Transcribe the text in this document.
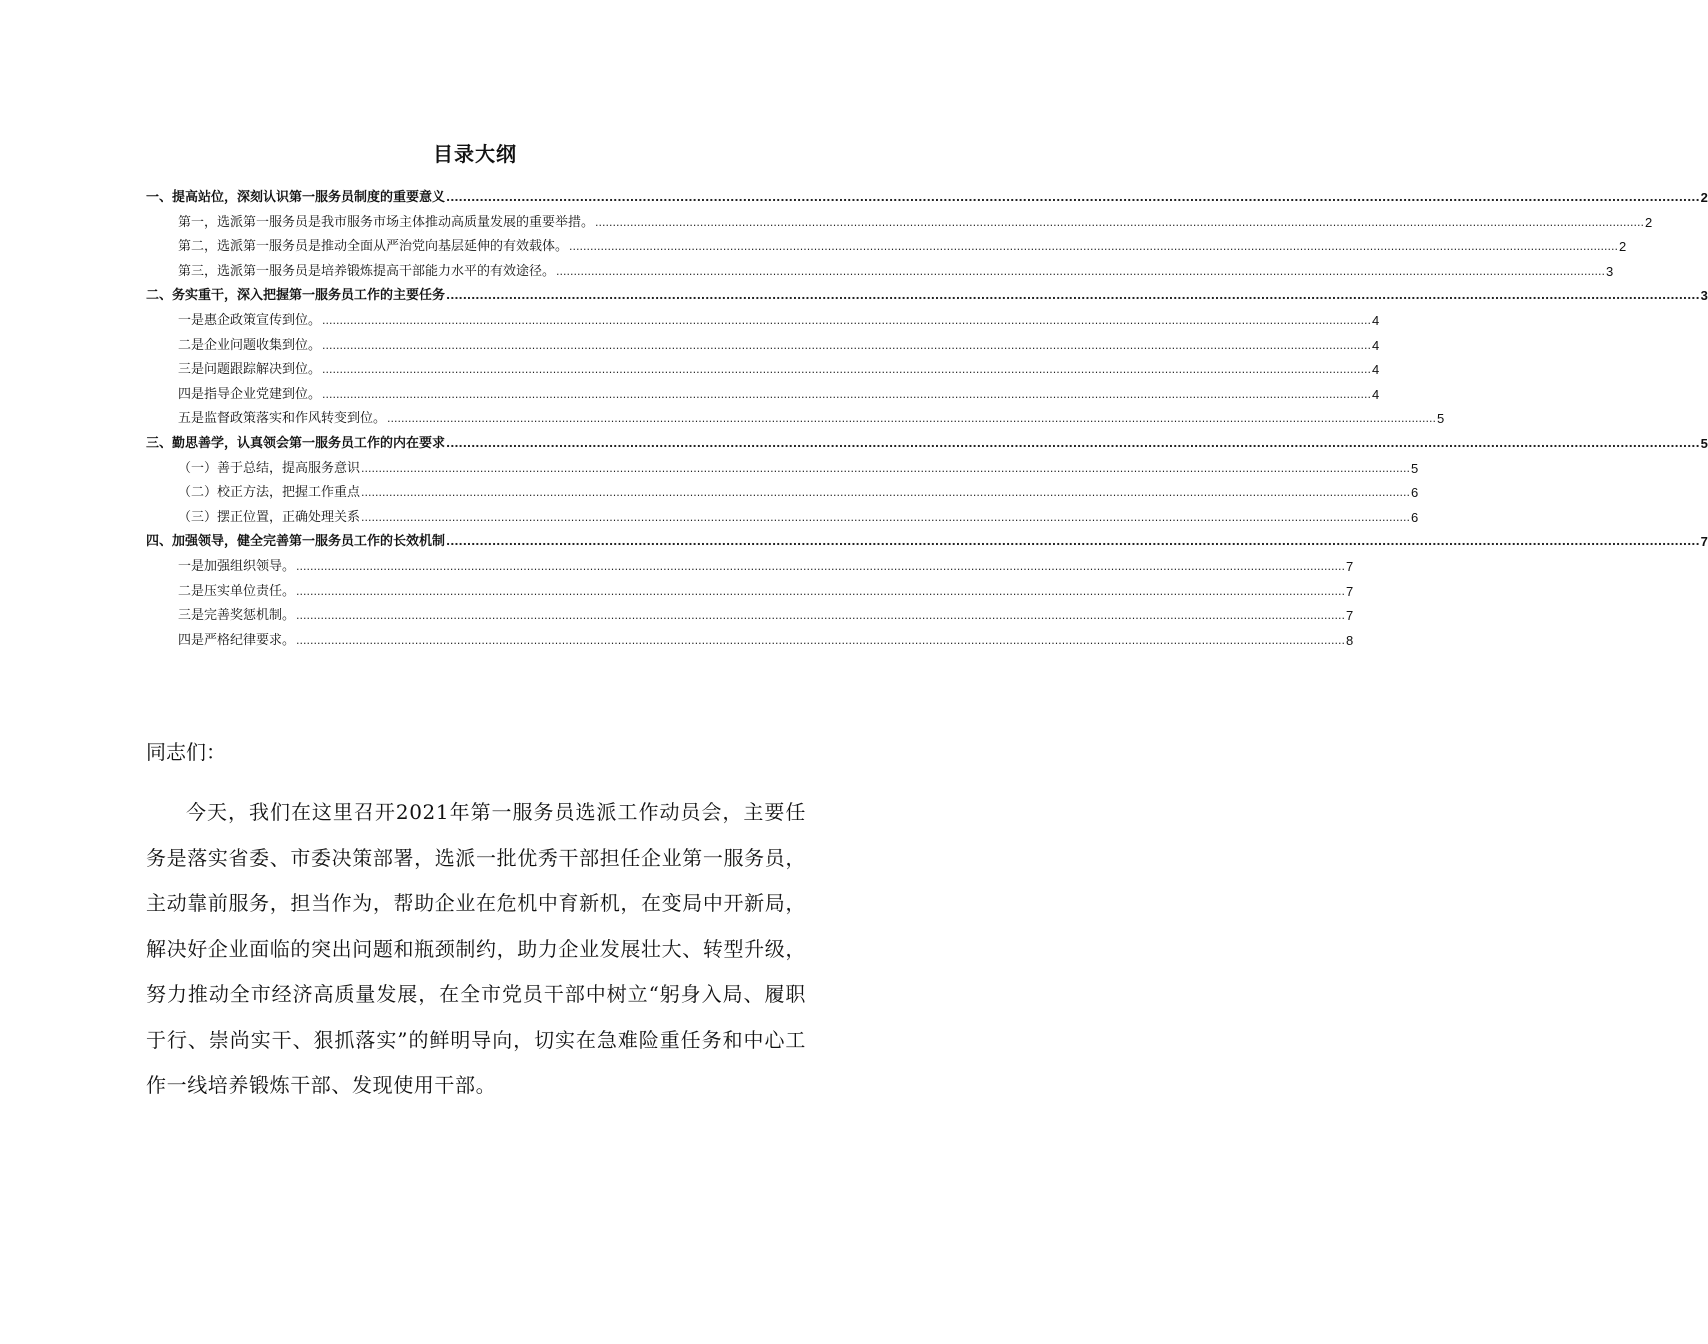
目录大纲
一、提高站位，深刻认识第一服务员制度的重要意义 ............................................................................................................................................................................................................................................................................................................ 2
第一，选派第一服务员是我市服务市场主体推动高质量发展的重要举措。 ............................................................................................................................................................................................................................................................................................................ 2
第二，选派第一服务员是推动全面从严治党向基层延伸的有效载体。 ............................................................................................................................................................................................................................................................................................................ 2
第三，选派第一服务员是培养锻炼提高干部能力水平的有效途径。 ............................................................................................................................................................................................................................................................................................................ 3
二、务实重干，深入把握第一服务员工作的主要任务 ............................................................................................................................................................................................................................................................................................................ 3
一是惠企政策宣传到位。 ............................................................................................................................................................................................................................................................................................................ 4
二是企业问题收集到位。 ............................................................................................................................................................................................................................................................................................................ 4
三是问题跟踪解决到位。 ............................................................................................................................................................................................................................................................................................................ 4
四是指导企业党建到位。 ............................................................................................................................................................................................................................................................................................................ 4
五是监督政策落实和作风转变到位。 ............................................................................................................................................................................................................................................................................................................ 5
三、勤思善学，认真领会第一服务员工作的内在要求 ............................................................................................................................................................................................................................................................................................................ 5
（一）善于总结，提高服务意识 ............................................................................................................................................................................................................................................................................................................ 5
（二）校正方法，把握工作重点 ............................................................................................................................................................................................................................................................................................................ 6
（三）摆正位置，正确处理关系 ............................................................................................................................................................................................................................................................................................................ 6
四、加强领导，健全完善第一服务员工作的长效机制 ............................................................................................................................................................................................................................................................................................................ 7
一是加强组织领导。 ............................................................................................................................................................................................................................................................................................................ 7
二是压实单位责任。 ............................................................................................................................................................................................................................................................................................................ 7
三是完善奖惩机制。 ............................................................................................................................................................................................................................................................................................................ 7
四是严格纪律要求。 ............................................................................................................................................................................................................................................................................................................ 8
同志们：
今天，我们在这里召开2021年第一服务员选派工作动员会，主要任务是落实省委、市委决策部署，选派一批优秀干部担任企业第一服务员，主动靠前服务，担当作为，帮助企业在危机中育新机，在变局中开新局，解决好企业面临的突出问题和瓶颈制约，助力企业发展壮大、转型升级，努力推动全市经济高质量发展，在全市党员干部中树立“躬身入局、履职于行、崇尚实干、狠抓落实”的鲜明导向，切实在急难险重任务和中心工作一线培养锻炼干部、发现使用干部。
